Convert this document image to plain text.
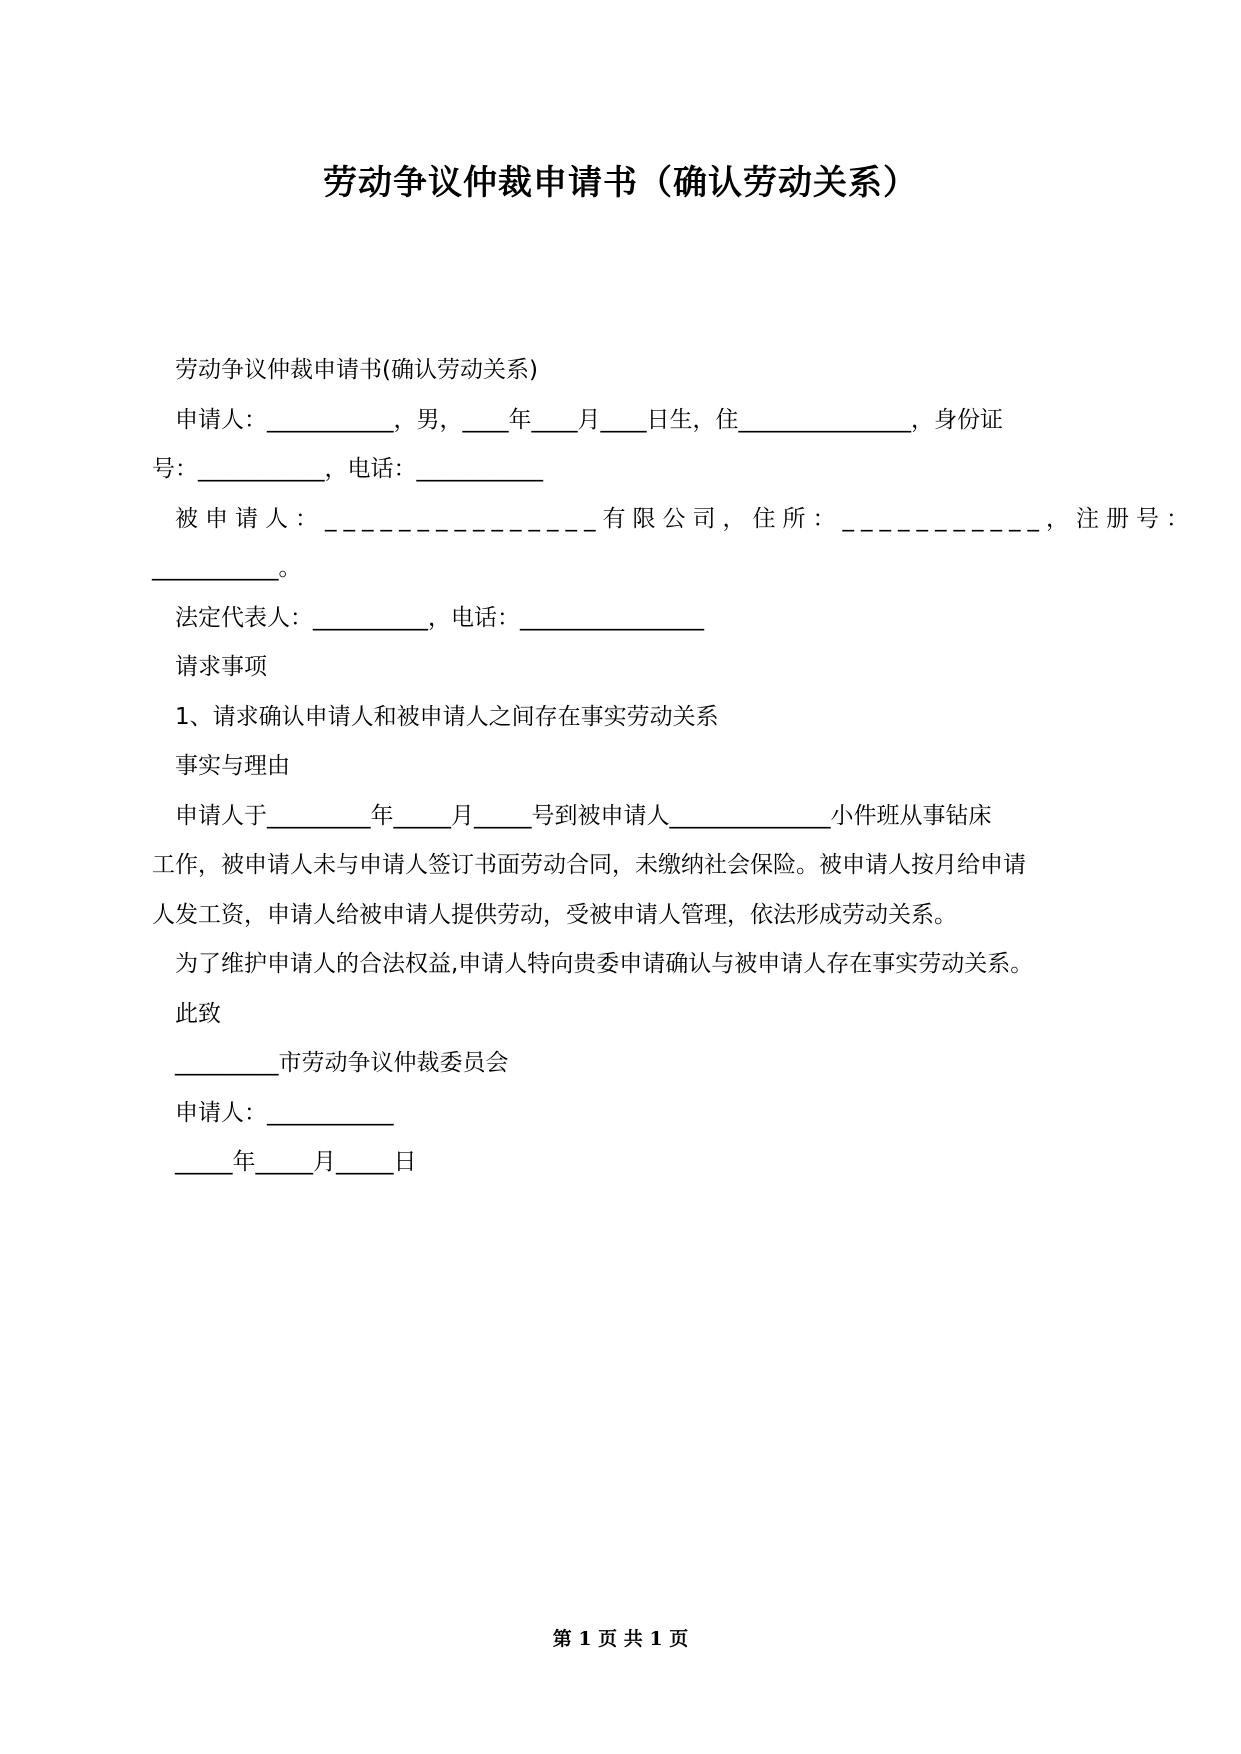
劳动争议仲裁申请书（确认劳动关系）

劳动争议仲裁申请书(确认劳动关系)

申请人：___________，男，____年____月____日生，住_______________，身份证

号：___________，电话：___________

被申请人：_______________有限公司，住所：___________，注册号：

___________。

法定代表人：__________，电话：________________

请求事项

1、请求确认申请人和被申请人之间存在事实劳动关系

事实与理由

申请人于_________年_____月_____号到被申请人______________小件班从事钻床

工作，被申请人未与申请人签订书面劳动合同，未缴纳社会保险。被申请人按月给申请

人发工资，申请人给被申请人提供劳动，受被申请人管理，依法形成劳动关系。

为了维护申请人的合法权益,申请人特向贵委申请确认与被申请人存在事实劳动关系。

此致

_________市劳动争议仲裁委员会

申请人：___________

_____年_____月_____日

第 1 页 共 1 页
